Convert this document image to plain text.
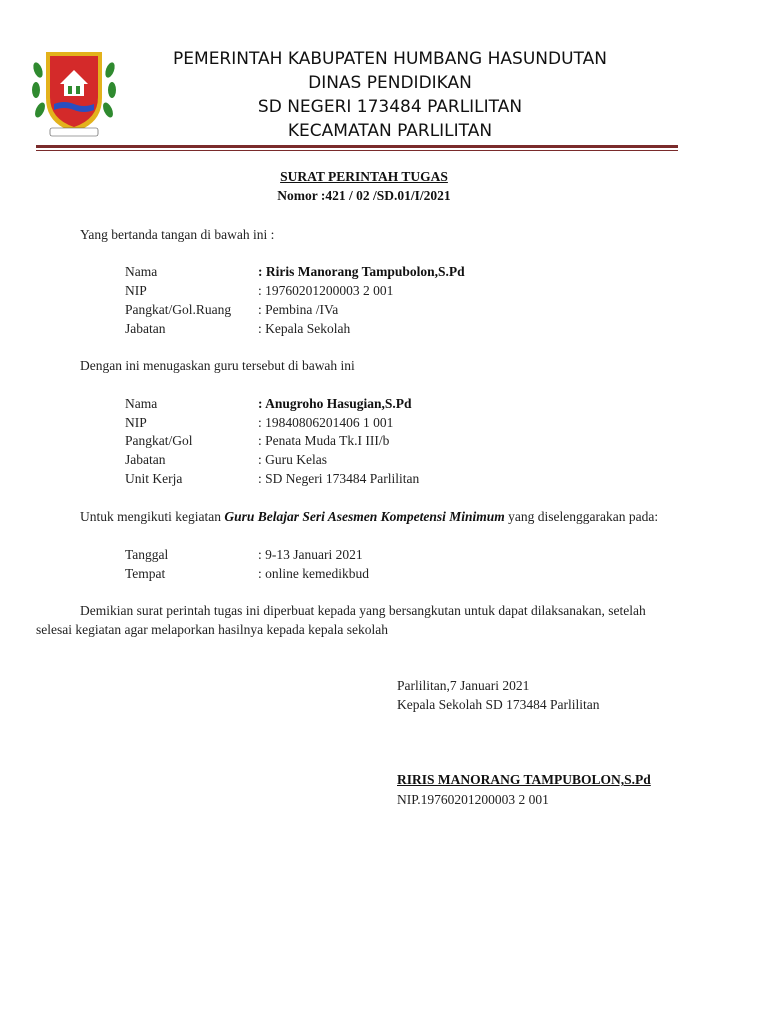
PEMERINTAH KABUPATEN HUMBANG HASUNDUTAN
DINAS PENDIDIKAN
SD NEGERI 173484 PARLILITAN
KECAMATAN PARLILITAN
SURAT PERINTAH TUGAS
Nomor :421 / 02 /SD.01/I/2021
Yang bertanda tangan di bawah ini :
Nama	: Riris Manorang Tampubolon,S.Pd
NIP	: 19760201200003 2 001
Pangkat/Gol.Ruang : Pembina /IVa
Jabatan	: Kepala Sekolah
Dengan ini menugaskan guru tersebut di bawah ini
Nama	: Anugroho Hasugian,S.Pd
NIP	: 19840806201406 1 001
Pangkat/Gol	: Penata Muda Tk.I III/b
Jabatan	: Guru Kelas
Unit Kerja	: SD Negeri 173484 Parlilitan
Untuk mengikuti kegiatan Guru Belajar Seri Asesmen Kompetensi Minimum yang diselenggarakan pada:
Tanggal	: 9-13 Januari 2021
Tempat	: online kemedikbud
Demikian surat perintah tugas ini diperbuat kepada yang bersangkutan untuk dapat dilaksanakan, setelah
selesai kegiatan agar melaporkan hasilnya kepada kepala sekolah
Parlilitan,7 Januari 2021
Kepala Sekolah SD 173484 Parlilitan
RIRIS MANORANG TAMPUBOLON,S.Pd
NIP.19760201200003 2 001
